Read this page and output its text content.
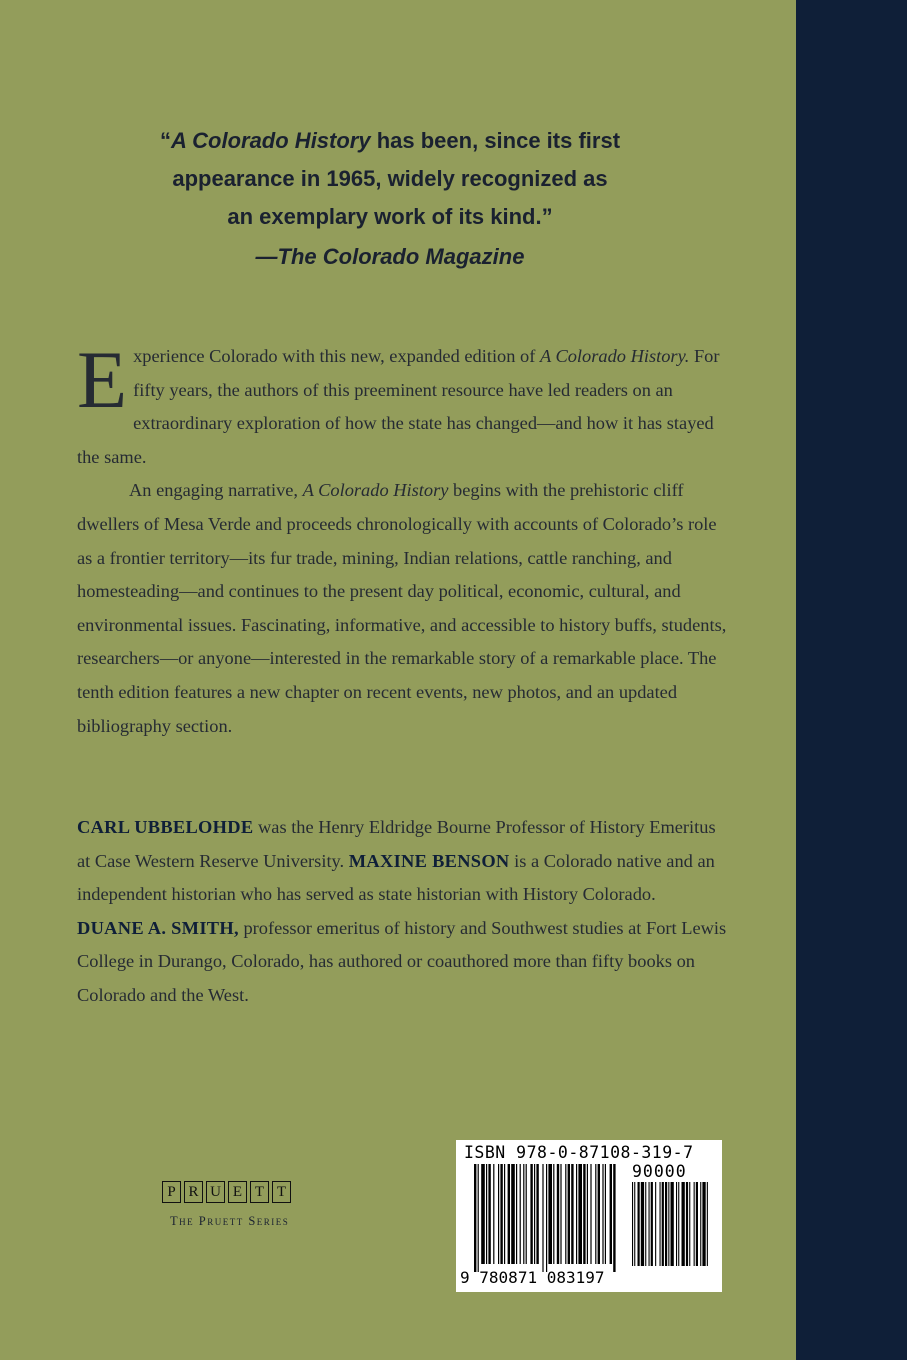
“A Colorado History has been, since its first
appearance in 1965, widely recognized as
an exemplary work of its kind.”
—The Colorado Magazine

Experience Colorado with this new, expanded edition of A Colorado History. For fifty years, the authors of this preeminent resource have led readers on an extraordinary exploration of how the state has changed—and how it has stayed the same.

An engaging narrative, A Colorado History begins with the prehistoric cliff dwellers of Mesa Verde and proceeds chronologically with accounts of Colorado’s role as a frontier territory—its fur trade, mining, Indian relations, cattle ranching, and homesteading—and continues to the present day political, economic, cultural, and environmental issues. Fascinating, informative, and accessible to history buffs, students, researchers—or anyone—interested in the remarkable story of a remarkable place. The tenth edition features a new chapter on recent events, new photos, and an updated bibliography section.

CARL UBBELOHDE was the Henry Eldridge Bourne Professor of History Emeritus at Case Western Reserve University. MAXINE BENSON is a Colorado native and an independent historian who has served as state historian with History Colorado. DUANE A. SMITH, professor emeritus of history and Southwest studies at Fort Lewis College in Durango, Colorado, has authored or coauthored more than fifty books on Colorado and the West.

P R U E T T
The Pruett Series
ISBN 978-0-87108-319-7
90000
9 780871 083197
